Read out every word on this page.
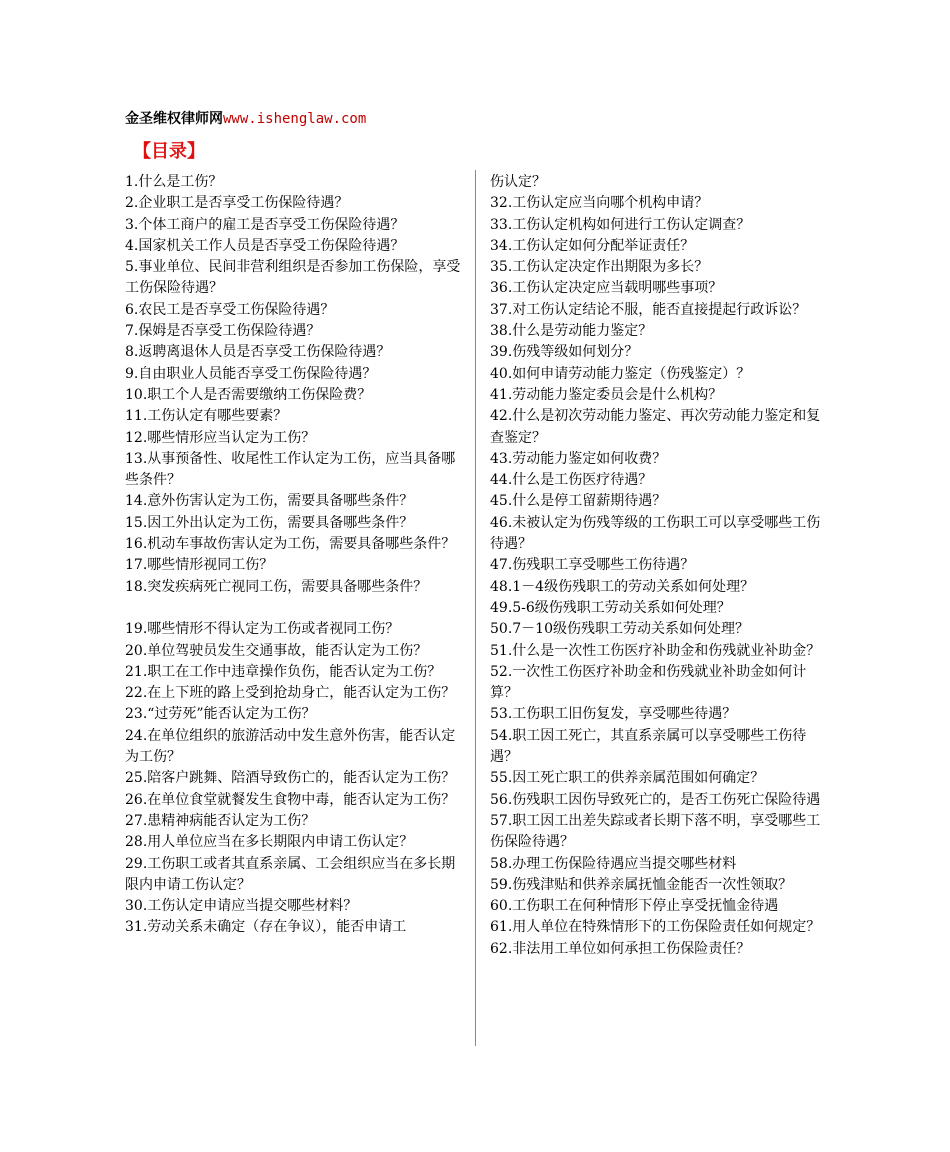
金圣维权律师网www.ishenglaw.com
【目录】
1.什么是工伤？
2.企业职工是否享受工伤保险待遇？
3.个体工商户的雇工是否享受工伤保险待遇？
4.国家机关工作人员是否享受工伤保险待遇？
5.事业单位、民间非营利组织是否参加工伤保险，享受工伤保险待遇？
6.农民工是否享受工伤保险待遇？
7.保姆是否享受工伤保险待遇？
8.返聘离退休人员是否享受工伤保险待遇？
9.自由职业人员能否享受工伤保险待遇？
10.职工个人是否需要缴纳工伤保险费？
11.工伤认定有哪些要素？
12.哪些情形应当认定为工伤？
13.从事预备性、收尾性工作认定为工伤，应当具备哪些条件？
14.意外伤害认定为工伤，需要具备哪些条件？
15.因工外出认定为工伤，需要具备哪些条件？
16.机动车事故伤害认定为工伤，需要具备哪些条件？
17.哪些情形视同工伤？
18.突发疾病死亡视同工伤，需要具备哪些条件？
19.哪些情形不得认定为工伤或者视同工伤？
20.单位驾驶员发生交通事故，能否认定为工伤？
21.职工在工作中违章操作负伤，能否认定为工伤？
22.在上下班的路上受到抢劫身亡，能否认定为工伤？
23.“过劳死”能否认定为工伤？
24.在单位组织的旅游活动中发生意外伤害，能否认定为工伤？
25.陪客户跳舞、陪酒导致伤亡的，能否认定为工伤？
26.在单位食堂就餐发生食物中毒，能否认定为工伤？
27.患精神病能否认定为工伤？
28.用人单位应当在多长期限内申请工伤认定？
29.工伤职工或者其直系亲属、工会组织应当在多长期限内申请工伤认定？
30.工伤认定申请应当提交哪些材料？
31.劳动关系未确定（存在争议），能否申请工
伤认定？
32.工伤认定应当向哪个机构申请？
33.工伤认定机构如何进行工伤认定调查？
34.工伤认定如何分配举证责任？
35.工伤认定决定作出期限为多长？
36.工伤认定决定应当载明哪些事项？
37.对工伤认定结论不服，能否直接提起行政诉讼？
38.什么是劳动能力鉴定？
39.伤残等级如何划分？
40.如何申请劳动能力鉴定（伤残鉴定）？
41.劳动能力鉴定委员会是什么机构？
42.什么是初次劳动能力鉴定、再次劳动能力鉴定和复查鉴定？
43.劳动能力鉴定如何收费？
44.什么是工伤医疗待遇？
45.什么是停工留薪期待遇？
46.未被认定为伤残等级的工伤职工可以享受哪些工伤待遇？
47.伤残职工享受哪些工伤待遇？
48.1－4级伤残职工的劳动关系如何处理？
49.5-6级伤残职工劳动关系如何处理？
50.7－10级伤残职工劳动关系如何处理？
51.什么是一次性工伤医疗补助金和伤残就业补助金？
52.一次性工伤医疗补助金和伤残就业补助金如何计算？
53.工伤职工旧伤复发，享受哪些待遇？
54.职工因工死亡，其直系亲属可以享受哪些工伤待遇？
55.因工死亡职工的供养亲属范围如何确定？
56.伤残职工因伤导致死亡的，是否工伤死亡保险待遇
57.职工因工出差失踪或者长期下落不明，享受哪些工伤保险待遇？
58.办理工伤保险待遇应当提交哪些材料
59.伤残津贴和供养亲属抚恤金能否一次性领取？
60.工伤职工在何种情形下停止享受抚恤金待遇
61.用人单位在特殊情形下的工伤保险责任如何规定？
62.非法用工单位如何承担工伤保险责任？
